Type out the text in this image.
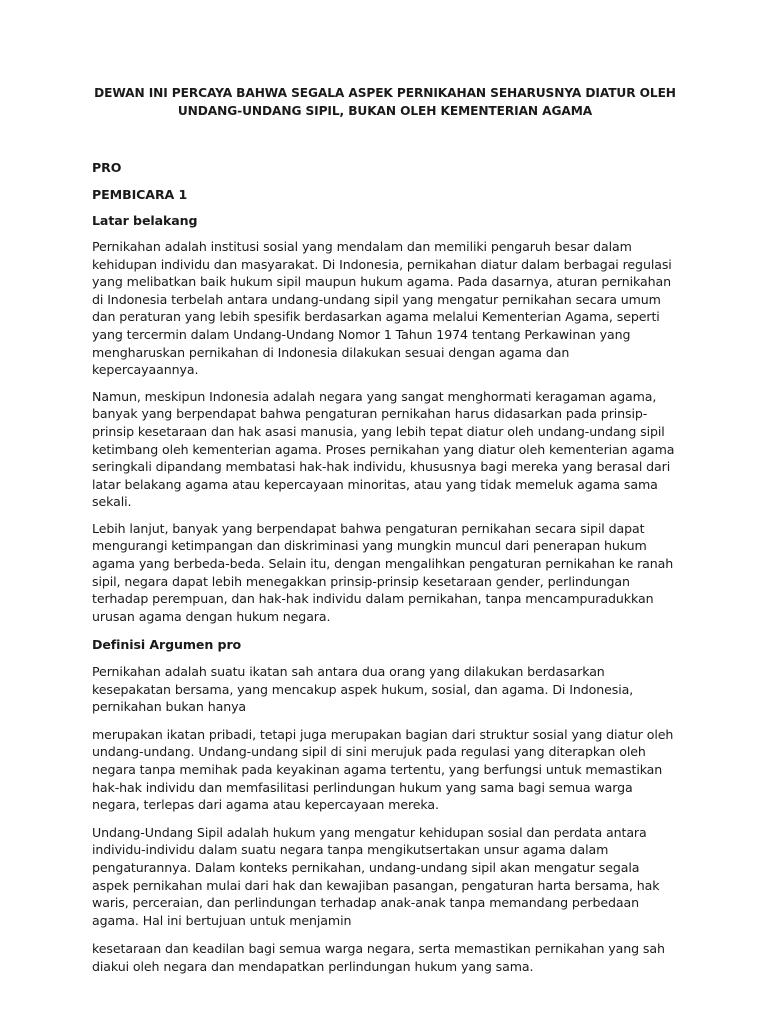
DEWAN INI PERCAYA BAHWA SEGALA ASPEK PERNIKAHAN SEHARUSNYA DIATUR OLEH UNDANG-UNDANG SIPIL, BUKAN OLEH KEMENTERIAN AGAMA

PRO

PEMBICARA 1

Latar belakang

Pernikahan adalah institusi sosial yang mendalam dan memiliki pengaruh besar dalam kehidupan individu dan masyarakat. Di Indonesia, pernikahan diatur dalam berbagai regulasi yang melibatkan baik hukum sipil maupun hukum agama. Pada dasarnya, aturan pernikahan di Indonesia terbelah antara undang-undang sipil yang mengatur pernikahan secara umum dan peraturan yang lebih spesifik berdasarkan agama melalui Kementerian Agama, seperti yang tercermin dalam Undang-Undang Nomor 1 Tahun 1974 tentang Perkawinan yang mengharuskan pernikahan di Indonesia dilakukan sesuai dengan agama dan kepercayaannya.

Namun, meskipun Indonesia adalah negara yang sangat menghormati keragaman agama, banyak yang berpendapat bahwa pengaturan pernikahan harus didasarkan pada prinsip-prinsip kesetaraan dan hak asasi manusia, yang lebih tepat diatur oleh undang-undang sipil ketimbang oleh kementerian agama. Proses pernikahan yang diatur oleh kementerian agama seringkali dipandang membatasi hak-hak individu, khususnya bagi mereka yang berasal dari latar belakang agama atau kepercayaan minoritas, atau yang tidak memeluk agama sama sekali.

Lebih lanjut, banyak yang berpendapat bahwa pengaturan pernikahan secara sipil dapat mengurangi ketimpangan dan diskriminasi yang mungkin muncul dari penerapan hukum agama yang berbeda-beda. Selain itu, dengan mengalihkan pengaturan pernikahan ke ranah sipil, negara dapat lebih menegakkan prinsip-prinsip kesetaraan gender, perlindungan terhadap perempuan, dan hak-hak individu dalam pernikahan, tanpa mencampuradukkan urusan agama dengan hukum negara.

Definisi Argumen pro

Pernikahan adalah suatu ikatan sah antara dua orang yang dilakukan berdasarkan kesepakatan bersama, yang mencakup aspek hukum, sosial, dan agama. Di Indonesia, pernikahan bukan hanya

merupakan ikatan pribadi, tetapi juga merupakan bagian dari struktur sosial yang diatur oleh undang-undang. Undang-undang sipil di sini merujuk pada regulasi yang diterapkan oleh negara tanpa memihak pada keyakinan agama tertentu, yang berfungsi untuk memastikan hak-hak individu dan memfasilitasi perlindungan hukum yang sama bagi semua warga negara, terlepas dari agama atau kepercayaan mereka.

Undang-Undang Sipil adalah hukum yang mengatur kehidupan sosial dan perdata antara individu-individu dalam suatu negara tanpa mengikutsertakan unsur agama dalam pengaturannya. Dalam konteks pernikahan, undang-undang sipil akan mengatur segala aspek pernikahan mulai dari hak dan kewajiban pasangan, pengaturan harta bersama, hak waris, perceraian, dan perlindungan terhadap anak-anak tanpa memandang perbedaan agama. Hal ini bertujuan untuk menjamin

kesetaraan dan keadilan bagi semua warga negara, serta memastikan pernikahan yang sah diakui oleh negara dan mendapatkan perlindungan hukum yang sama.
